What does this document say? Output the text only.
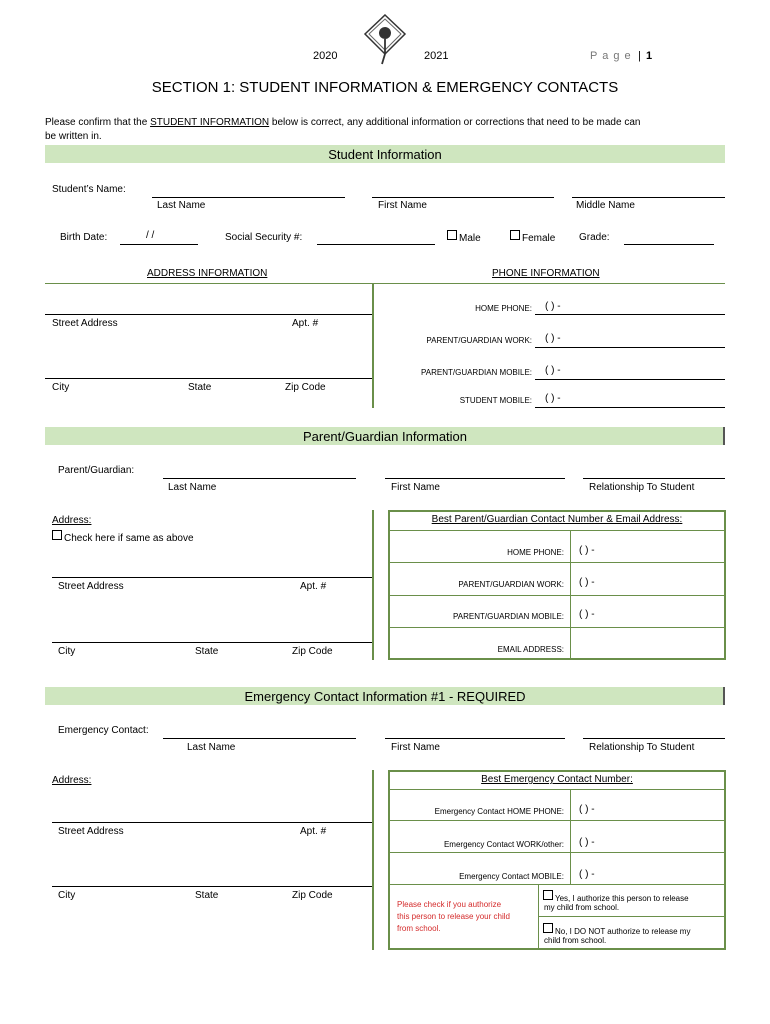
2020	2021	P a g e | 1
SECTION 1: STUDENT INFORMATION & EMERGENCY CONTACTS
Please confirm that the STUDENT INFORMATION below is correct, any additional information or corrections that need to be made can
be written in.
Student Information
Student’s Name:
Last Name	First Name	Middle Name
Birth Date:	/ /	Social Security #:	Male	Female Grade:
ADDRESS INFORMATION	PHONE INFORMATION
Street Address	Apt. #
City	State	Zip Code
HOME PHONE: ( ) -
PARENT/GUARDIAN WORK: ( ) -
PARENT/GUARDIAN MOBILE: ( ) -
STUDENT MOBILE: ( ) -
Parent/Guardian Information
Parent/Guardian:
Last Name	First Name	Relationship To Student
Address:
Check here if same as above
Street Address	Apt. #
City	State	Zip Code
Best Parent/Guardian Contact Number & Email Address:
HOME PHONE: ( ) -
PARENT/GUARDIAN WORK: ( ) -
PARENT/GUARDIAN MOBILE: ( ) -
EMAIL ADDRESS:
Emergency Contact Information #1 - REQUIRED
Emergency Contact:
Last Name	First Name	Relationship To Student
Address:
Street Address	Apt. #
City	State	Zip Code
Best Emergency Contact Number:
Emergency Contact HOME PHONE: ( ) -
Emergency Contact WORK/other: ( ) -
Emergency Contact MOBILE: ( ) -
Please check if you authorize
this person to release your child
from school.
Yes, I authorize this person to release
my child from school.
No, I DO NOT authorize to release my
child from school.
